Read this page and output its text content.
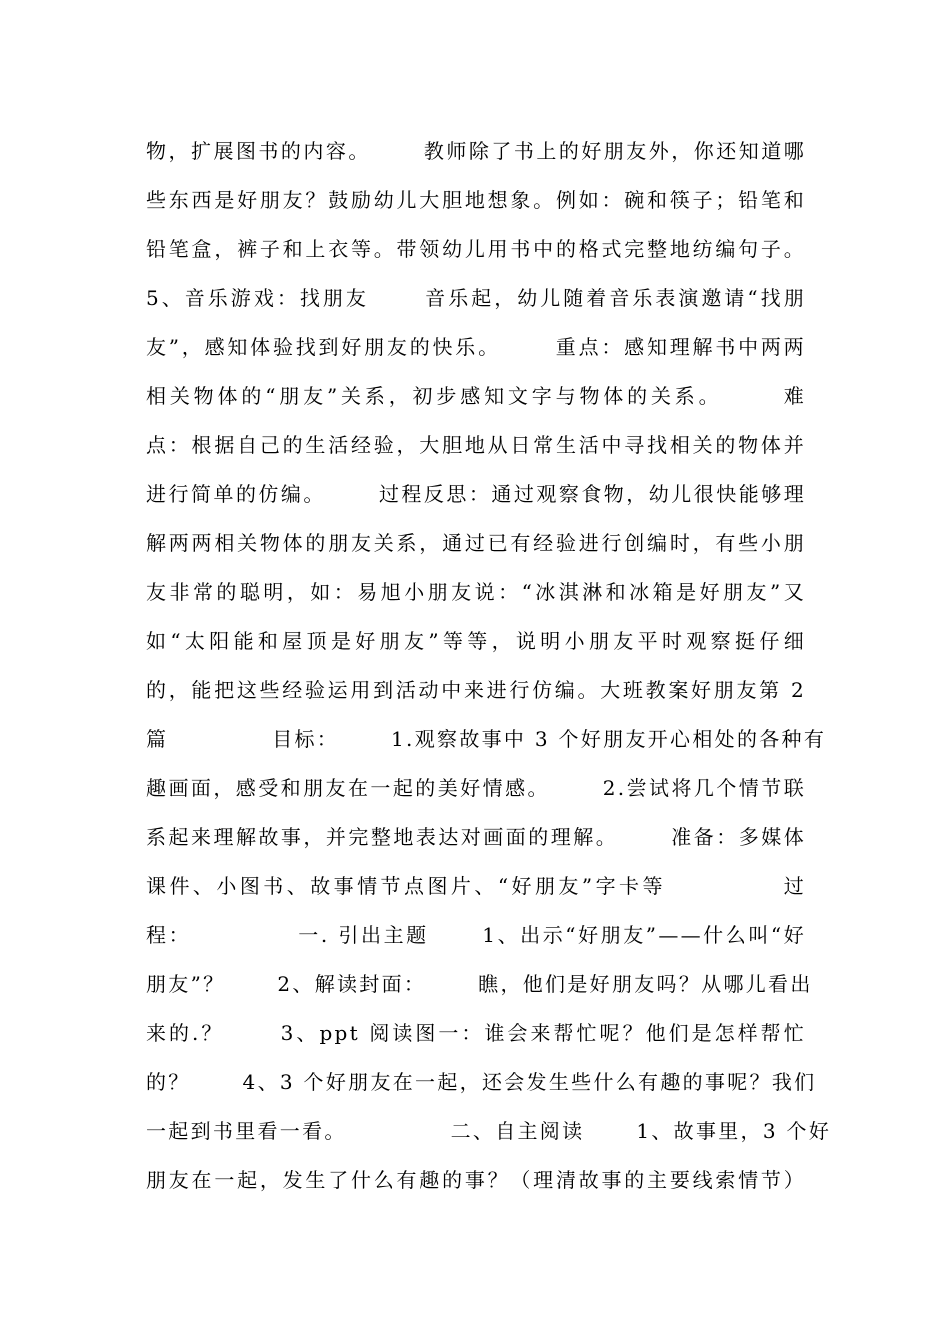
物，扩展图书的内容。      教师除了书上的好朋友外，你还知道哪
些东西是好朋友？鼓励幼儿大胆地想象。例如：碗和筷子；铅笔和
铅笔盒，裤子和上衣等。带领幼儿用书中的格式完整地纺编句子。
5、音乐游戏：找朋友      音乐起，幼儿随着音乐表演邀请“找朋
友”，感知体验找到好朋友的快乐。      重点：感知理解书中两两
相关物体的“朋友”关系，初步感知文字与物体的关系。      难
点：根据自己的生活经验，大胆地从日常生活中寻找相关的物体并
进行简单的仿编。      过程反思：通过观察食物，幼儿很快能够理
解两两相关物体的朋友关系，通过已有经验进行创编时，有些小朋
友非常的聪明，如：易旭小朋友说：“冰淇淋和冰箱是好朋友”又
如“太阳能和屋顶是好朋友”等等，说明小朋友平时观察挺仔细
的，能把这些经验运用到活动中来进行仿编。大班教案好朋友第 2
篇            目标：      1.观察故事中 3 个好朋友开心相处的各种有
趣画面，感受和朋友在一起的美好情感。      2.尝试将几个情节联
系起来理解故事，并完整地表达对画面的理解。      准备：多媒体
课件、小图书、故事情节点图片、“好朋友”字卡等            过
程：            一. 引出主题      1、出示“好朋友”——什么叫“好
朋友”？      2、解读封面：      瞧，他们是好朋友吗？从哪儿看出
来的.？      3、ppt 阅读图一：谁会来帮忙呢？他们是怎样帮忙
的？      4、3 个好朋友在一起，还会发生些什么有趣的事呢？我们
一起到书里看一看。            二、自主阅读      1、故事里，3 个好
朋友在一起，发生了什么有趣的事？（理清故事的主要线索情节）
